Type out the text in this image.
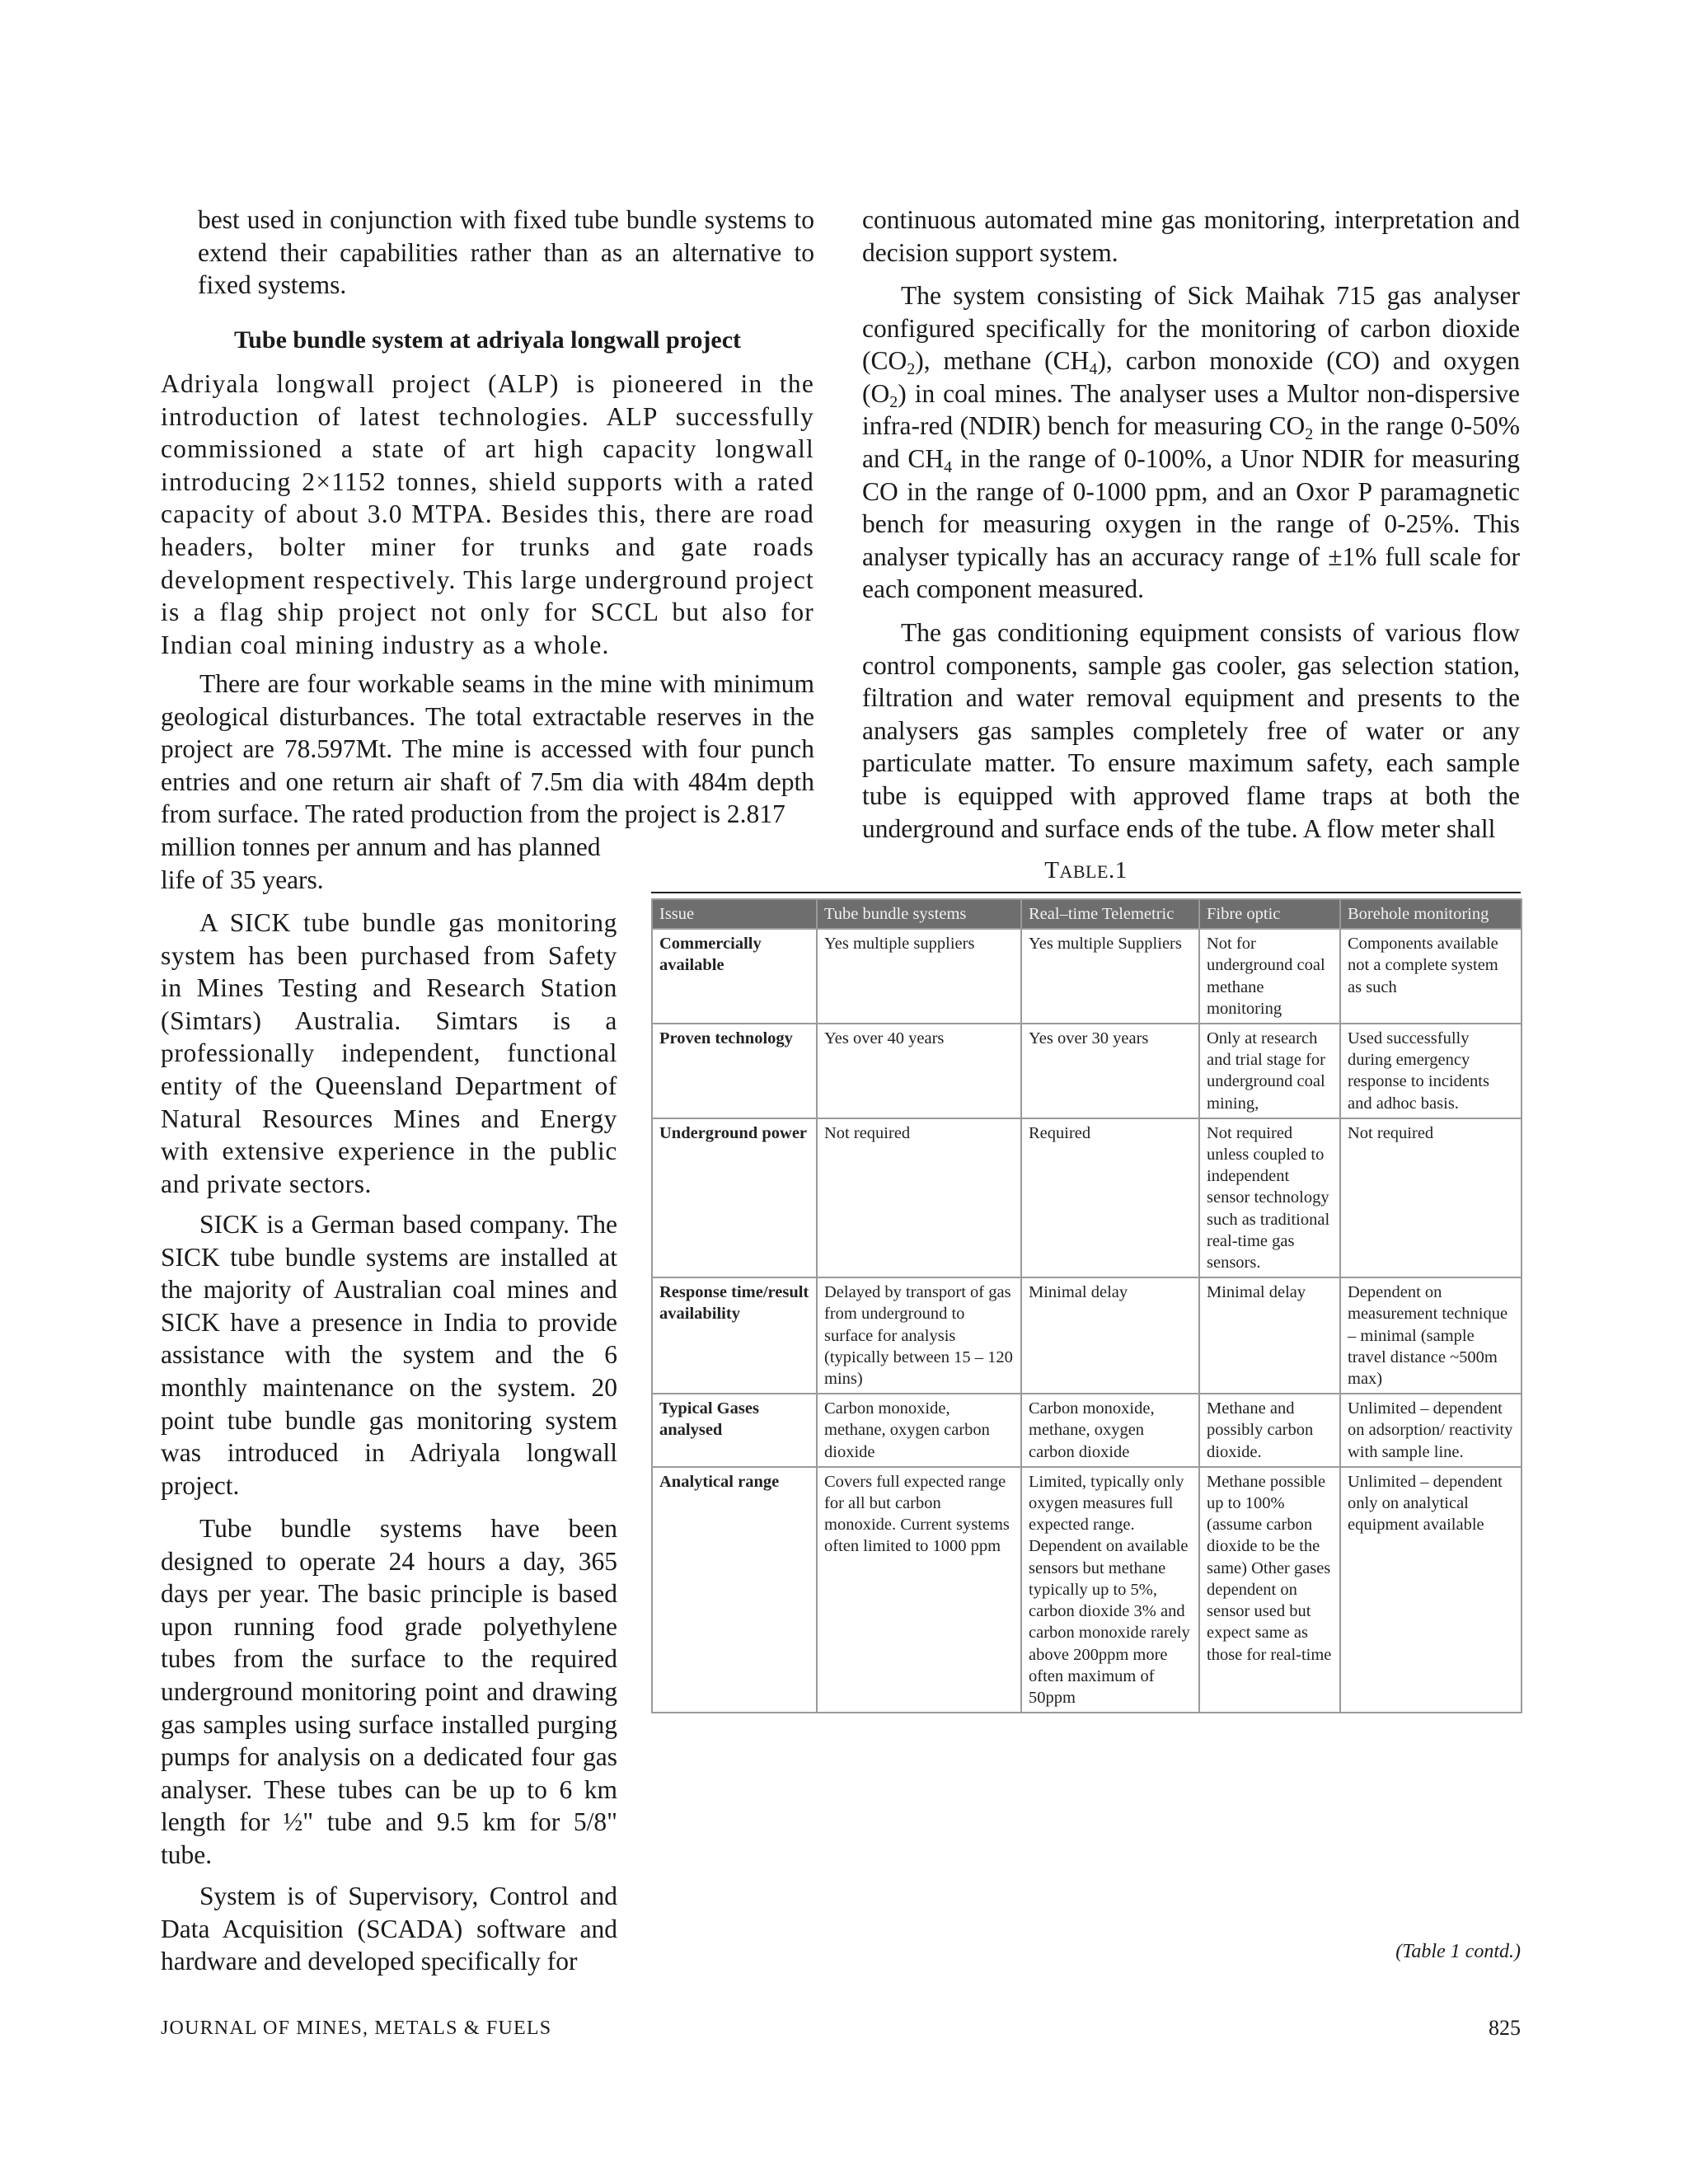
best used in conjunction with fixed tube bundle systems to extend their capabilities rather than as an alternative to fixed systems.

Tube bundle system at adriyala longwall project

Adriyala longwall project (ALP) is pioneered in the introduction of latest technologies. ALP successfully commissioned a state of art high capacity longwall introducing 2×1152 tonnes, shield supports with a rated capacity of about 3.0 MTPA. Besides this, there are road headers, bolter miner for trunks and gate roads development respectively. This large underground project is a flag ship project not only for SCCL but also for Indian coal mining industry as a whole.

There are four workable seams in the mine with minimum geological disturbances. The total extractable reserves in the project are 78.597Mt. The mine is accessed with four punch entries and one return air shaft of 7.5m dia with 484m depth from surface. The rated production from the project is 2.817

million tonnes per annum and has planned
life of 35 years.

A SICK tube bundle gas monitoring system has been purchased from Safety in Mines Testing and Research Station (Simtars) Australia. Simtars is a professionally independent, functional entity of the Queensland Department of Natural Resources Mines and Energy with extensive experience in the public and private sectors.

SICK is a German based company. The SICK tube bundle systems are installed at the majority of Australian coal mines and SICK have a presence in India to provide assistance with the system and the 6 monthly maintenance on the system. 20 point tube bundle gas monitoring system was introduced in Adriyala longwall project.

Tube bundle systems have been designed to operate 24 hours a day, 365 days per year. The basic principle is based upon running food grade polyethylene tubes from the surface to the required underground monitoring point and drawing gas samples using surface installed purging pumps for analysis on a dedicated four gas analyser. These tubes can be up to 6 km length for ½" tube and 9.5 km for 5/8" tube.

System is of Supervisory, Control and Data Acquisition (SCADA) software and hardware and developed specifically for

continuous automated mine gas monitoring, interpretation and decision support system.

The system consisting of Sick Maihak 715 gas analyser configured specifically for the monitoring of carbon dioxide $(CO_2)$, methane $(CH_4)$, carbon monoxide (CO) and oxygen $(O_2)$ in coal mines. The analyser uses a Multor non-dispersive infra-red (NDIR) bench for measuring $CO_2$ in the range 0-50% and $CH_4$ in the range of 0-100%, a Unor NDIR for measuring CO in the range of 0-1000 ppm, and an Oxor P paramagnetic bench for measuring oxygen in the range of 0-25%. This analyser typically has an accuracy range of ±1% full scale for each component measured.

The gas conditioning equipment consists of various flow control components, sample gas cooler, gas selection station, filtration and water removal equipment and presents to the analysers gas samples completely free of water or any particulate matter. To ensure maximum safety, each sample tube is equipped with approved flame traps at both the underground and surface ends of the tube. A flow meter shall

TABLE.1
Issue	Tube bundle systems	Real–time Telemetric	Fibre optic	Borehole monitoring
Commercially available	Yes multiple suppliers	Yes multiple Suppliers	Not for underground coal methane monitoring	Components available not a complete system as such
Proven technology	Yes over 40 years	Yes over 30 years	Only at research and trial stage for underground coal mining,	Used successfully during emergency response to incidents and adhoc basis.
Underground power	Not required	Required	Not required unless coupled to independent sensor technology such as traditional real-time gas sensors.	Not required
Response time/result availability	Delayed by transport of gas from underground to surface for analysis (typically between 15 – 120 mins)	Minimal delay	Minimal delay	Dependent on measurement technique – minimal (sample travel distance ~500m max)
Typical Gases analysed	Carbon monoxide, methane, oxygen carbon dioxide	Carbon monoxide, methane, oxygen carbon dioxide	Methane and possibly carbon dioxide.	Unlimited – dependent on adsorption/ reactivity with sample line.
Analytical range	Covers full expected range for all but carbon monoxide. Current systems often limited to 1000 ppm	Limited, typically only oxygen measures full expected range. Dependent on available sensors but methane typically up to 5%, carbon dioxide 3% and carbon monoxide rarely above 200ppm more often maximum of 50ppm	Methane possible up to 100% (assume carbon dioxide to be the same) Other gases dependent on sensor used but expect same as those for real-time	Unlimited – dependent only on analytical equipment available
(Table 1 contd.)
JOURNAL OF MINES, METALS & FUELS	825
